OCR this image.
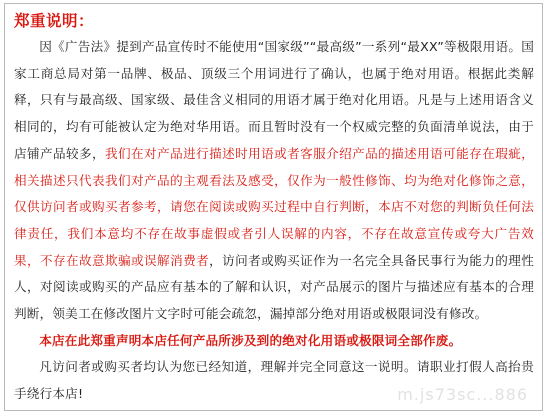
郑重说明：

因《广告法》提到产品宣传时不能使用“国家级”“最高级”一系列“最XX”等极限用语。国家工商总局对第一品牌、极品、顶级三个用词进行了确认，也属于绝对用语。根据此类解释，只有与最高级、国家级、最佳含义相同的用语才属于绝对化用语。凡是与上述用语含义相同的，均有可能被认定为绝对华用语。而且暂时没有一个权威完整的负面清单说法，由于店铺产品较多，我们在对产品进行描述时用语或者客服介绍产品的描述用语可能存在瑕疵，相关描述只代表我们对产品的主观看法及感受，仅作为一般性修饰、均为绝对化修饰之意，仅供访问者或购买者参考，请您在阅读或购买过程中自行判断，本店不对您的判断负任何法律责任，我们本意均不存在故事虚假或者引人误解的内容，不存在故意宣传或夸大广告效果，不存在故意欺骗或误解消费者，访问者或购买证作为一名完全具备民事行为能力的理性人，对阅读或购买的产品应有基本的了解和认识，对产品展示的图片与描述应有基本的合理判断，领美工在修改图片文字时可能会疏忽，漏掉部分绝对用语或极限词没有修改。

本店在此郑重声明本店任何产品所涉及到的绝对化用语或极限词全部作废。

凡访问者或购买者均认为您已经知道，理解并完全同意这一说明。请职业打假人高抬贵手绕行本店!	m.js73sc...886
